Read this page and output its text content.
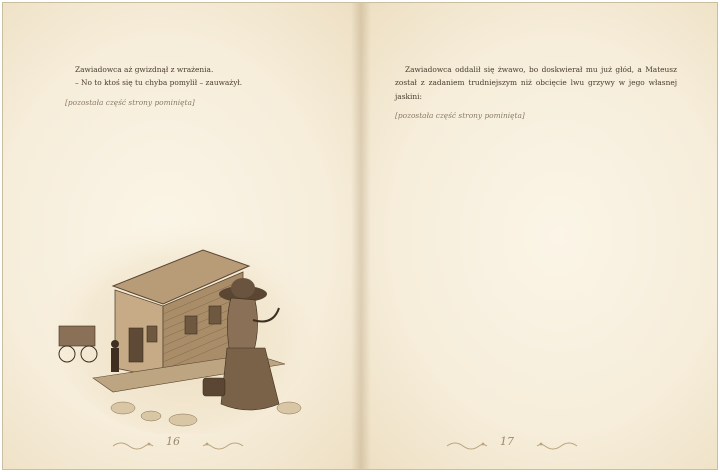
Zawiadowca aż gwizdnął z wrażenia.

– No to ktoś się tu chyba pomylił – zauważył.

[pozostała część strony pominięta]

16

Zawiadowca oddalił się żwawo, bo doskwierał mu już głód, a Mateusz został z zadaniem trudniejszym niż obcięcie lwu grzywy w jego własnej jaskini:

[pozostała część strony pominięta]

17
